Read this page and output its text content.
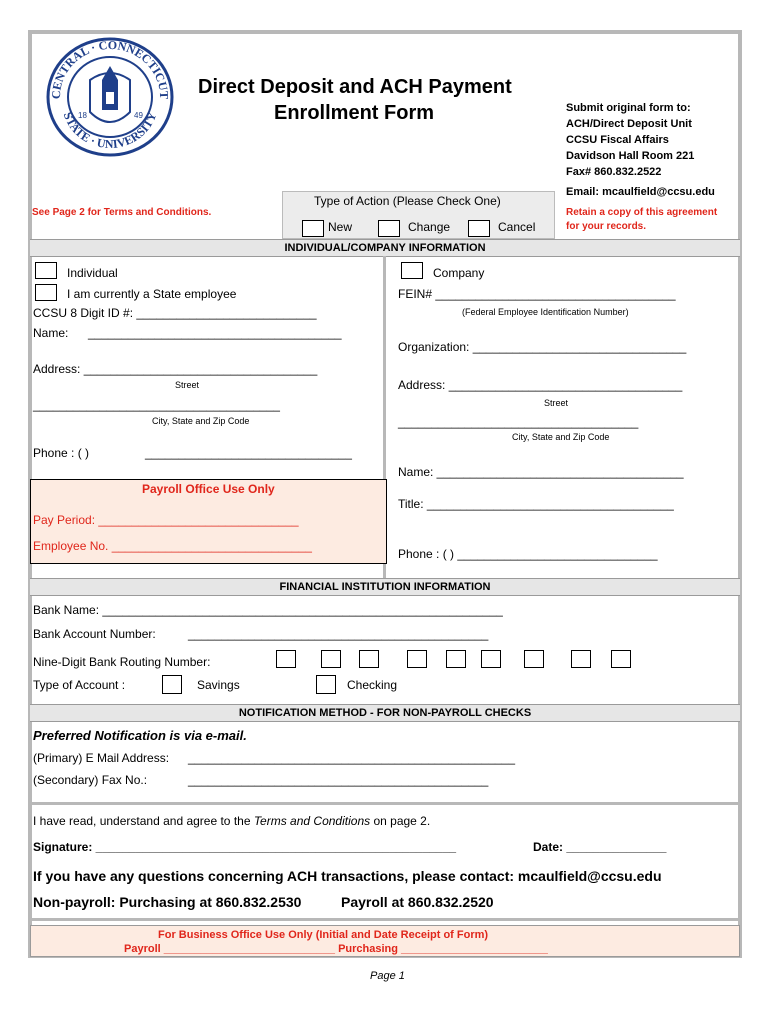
CENTRAL · CONNECTICUT
STATE · UNIVERSITY
18	49
Direct Deposit and ACH Payment
Enrollment Form	Submit original form to:
ACH/Direct Deposit Unit
CCSU Fiscal Affairs
Davidson Hall Room 221
Fax# 860.832.2522
Email: mcaulfield@ccsu.edu
Retain a copy of this agreement
for your records.
See Page 2 for Terms and Conditions.
Type of Action (Please Check One)
New	Change	Cancel
INDIVIDUAL/COMPANY INFORMATION
Individual
I am currently a State employee
CCSU 8 Digit ID #: ___________________________
Name: ______________________________________
Address: ___________________________________
Street
_____________________________________
City, State and Zip Code
Phone : ( )	_______________________________
Payroll Office Use Only
Pay Period: ______________________________
Employee No. ______________________________
Company
FEIN# ____________________________________
(Federal Employee Identification Number)
Organization: ________________________________
Address: ___________________________________
Street
____________________________________
City, State and Zip Code
Name: _____________________________________
Title: _____________________________________
Phone : ( ) ______________________________
FINANCIAL INSTITUTION INFORMATION
Bank Name: ____________________________________________________________
Bank Account Number:	_____________________________________________
Nine-Digit Bank Routing Number:
Type of Account :	Savings	Checking
NOTIFICATION METHOD - FOR NON-PAYROLL CHECKS
Preferred Notification is via e-mail.
(Primary) E Mail Address: _________________________________________________
(Secondary) Fax No.:	_____________________________________________
I have read, understand and agree to the Terms and Conditions on page 2.
Signature: ______________________________________________________	Date: _______________
If you have any questions concerning ACH transactions, please contact: mcaulfield@ccsu.edu
Non-payroll: Purchasing at 860.832.2530	Payroll at 860.832.2520
For Business Office Use Only (Initial and Date Receipt of Form)
Payroll ____________________________ Purchasing ________________________
Page 1
